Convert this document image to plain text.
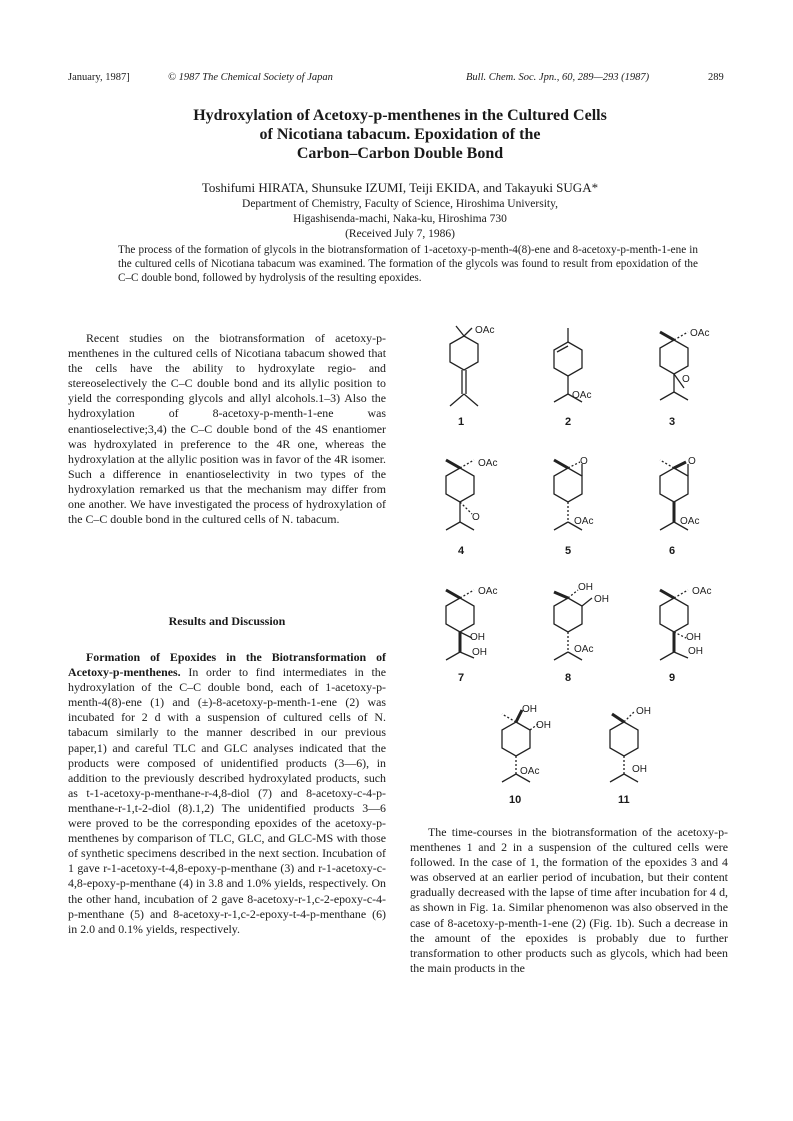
January, 1987]	© 1987 The Chemical Society of Japan	Bull. Chem. Soc. Jpn., 60, 289—293 (1987)	289
Hydroxylation of Acetoxy-p-menthenes in the Cultured Cells
of Nicotiana tabacum. Epoxidation of the
Carbon–Carbon Double Bond
Toshifumi HIRATA, Shunsuke IZUMI, Teiji EKIDA, and Takayuki SUGA*
Department of Chemistry, Faculty of Science, Hiroshima University,
Higashisenda-machi, Naka-ku, Hiroshima 730
(Received July 7, 1986)
The process of the formation of glycols in the biotransformation of 1-acetoxy-p-menth-4(8)-ene and 8-acetoxy-p-menth-1-ene in the cultured cells of Nicotiana tabacum was examined. The formation of the glycols was found to result from epoxidation of the C–C double bond, followed by hydrolysis of the resulting epoxides.

Recent studies on the biotransformation of acetoxy-p-menthenes in the cultured cells of Nicotiana tabacum showed that the cells have the ability to hydroxylate regio- and stereoselectively the C–C double bond and its allylic position to yield the corresponding glycols and allyl alcohols.1–3) Also the hydroxylation of 8-acetoxy-p-menth-1-ene was enantioselective;3,4) the C–C double bond of the 4S enantiomer was hydroxylated in preference to the 4R one, whereas the hydroxylation at the allylic position was in favor of the 4R isomer. Such a difference in enantioselectivity in two types of the hydroxylation remarked us that the mechanism may differ from one another. We have investigated the process of hydroxylation of the C–C double bond in the cultured cells of N. tabacum.

Results and Discussion

Formation of Epoxides in the Biotransformation of Acetoxy-p-menthenes. In order to find intermediates in the hydroxylation of the C–C double bond, each of 1-acetoxy-p-menth-4(8)-ene (1) and (±)-8-acetoxy-p-menth-1-ene (2) was incubated for 2 d with a suspension of cultured cells of N. tabacum similarly to the manner described in our previous paper,1) and careful TLC and GLC analyses indicated that the products were composed of unidentified products (3—6), in addition to the previously described hydroxylated products, such as t-1-acetoxy-p-menthane-r-4,8-diol (7) and 8-acetoxy-c-4-p-menthane-r-1,t-2-diol (8).1,2) The unidentified products 3—6 were proved to be the corresponding epoxides of the acetoxy-p-menthenes by comparison of TLC, GLC, and GLC-MS with those of synthetic specimens described in the next section. Incubation of 1 gave r-1-acetoxy-t-4,8-epoxy-p-menthane (3) and r-1-acetoxy-c-4,8-epoxy-p-menthane (4) in 3.8 and 1.0% yields, respectively. On the other hand, incubation of 2 gave 8-acetoxy-r-1,c-2-epoxy-c-4-p-menthane (5) and 8-acetoxy-r-1,c-2-epoxy-t-4-p-menthane (6) in 2.0 and 0.1% yields, respectively.

The time-courses in the biotransformation of the acetoxy-p-menthenes 1 and 2 in a suspension of the cultured cells were followed. In the case of 1, the formation of the epoxides 3 and 4 was observed at an earlier period of incubation, but their content gradually decreased with the lapse of time after incubation for 4 d, as shown in Fig. 1a. Similar phenomenon was also observed in the case of 8-acetoxy-p-menth-1-ene (2) (Fig. 1b). Such a decrease in the amount of the epoxides is probably due to further transformation to other products such as glycols, which had been the main products in the

OAc
1
OAc
2
OAc
O
3
OAc
O
4
O
OAc
5
O
OAc
6
OAc
OH
OH
7
OH
OH
OAc
8
OAc
OH
OH
9
OH
OH
OAc
10
OH
OH
11
